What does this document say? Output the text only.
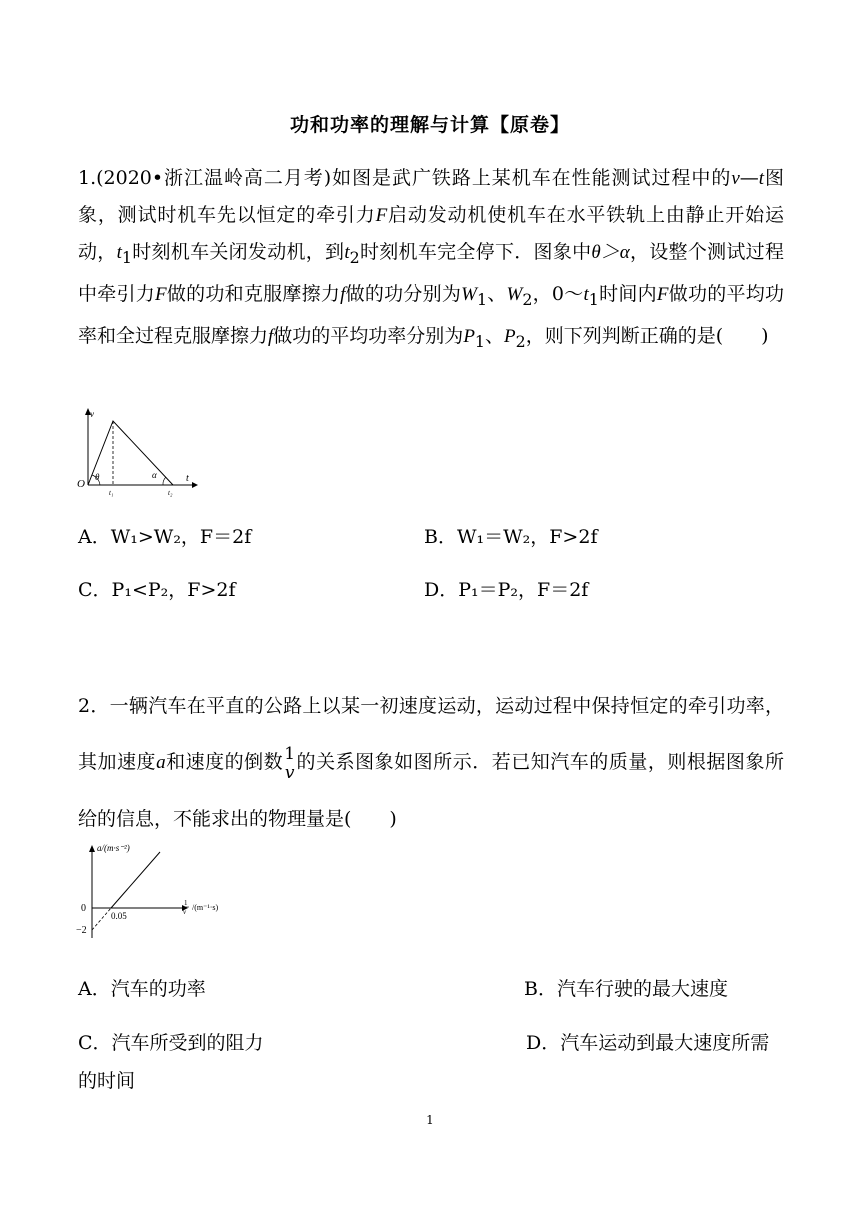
功和功率的理解与计算【原卷】
1.(2020•浙江温岭高二月考)如图是武广铁路上某机车在性能测试过程中的v—t图象，测试时机车先以恒定的牵引力F启动发动机使机车在水平铁轨上由静止开始运动，$t_1$时刻机车关闭发动机，到$t_2$时刻机车完全停下．图象中θ＞α，设整个测试过程中牵引力F做的功和克服摩擦力f做的功分别为$W_1$、$W_2$，$0\sim t_1$时间内F做功的平均功率和全过程克服摩擦力f做功的平均功率分别为$P_1$、$P_2$，则下列判断正确的是(　　)
v
O
θ	α	t
t₁	t₂
A．W₁>W₂，F＝2f	B．W₁＝W₂，F>2f
C．P₁<P₂，F>2f	D．P₁＝P₂，F＝2f
2．一辆汽车在平直的公路上以某一初速度运动，运动过程中保持恒定的牵引功率，其加速度a和速度的倒数 1
v 的关系图象如图所示．若已知汽车的质量，则根据图象所给的信息，不能求出的物理量是(　　)
a/(m·s⁻²)
0
0.05
−2
1
v /(m⁻¹·s)
A．汽车的功率	B．汽车行驶的最大速度
C．汽车所受到的阻力	D．汽车运动到最大速度所需
的时间
1
